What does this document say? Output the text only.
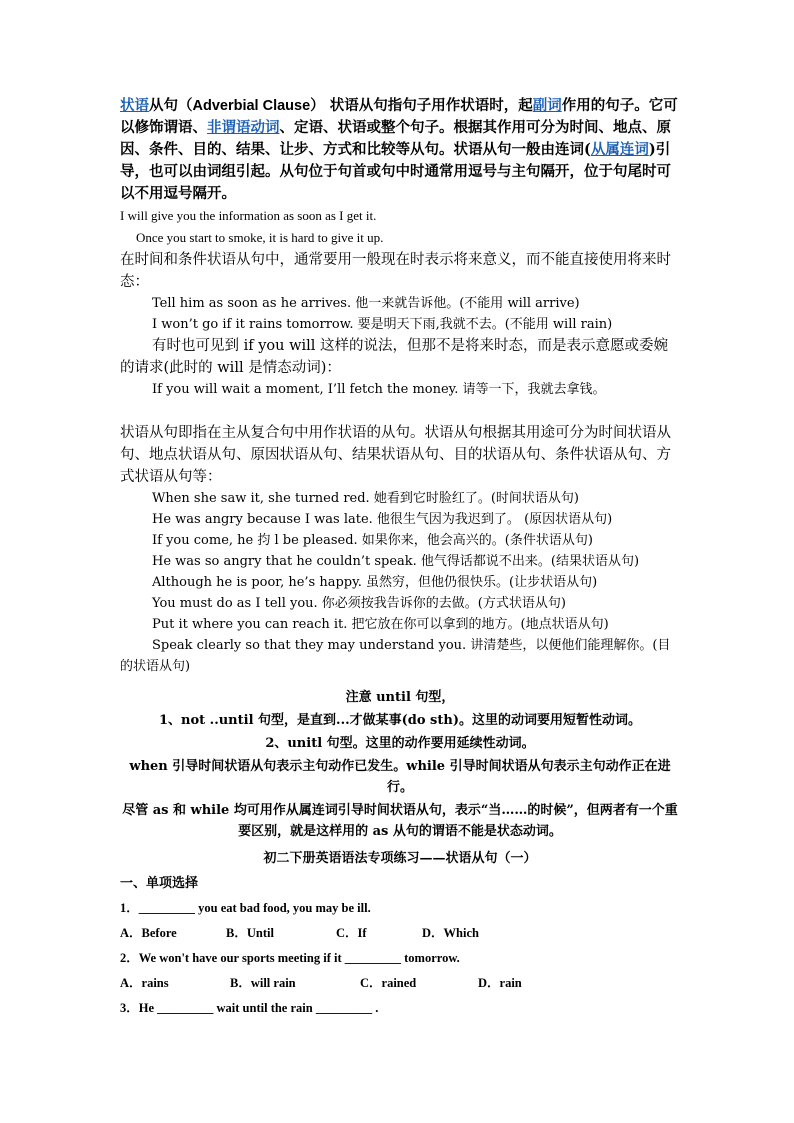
状语从句（Adverbial Clause） 状语从句指句子用作状语时，起副词作用的句子。它可以修饰谓语、非谓语动词、定语、状语或整个句子。根据其作用可分为时间、地点、原因、条件、目的、结果、让步、方式和比较等从句。状语从句一般由连词(从属连词)引导，也可以由词组引起。从句位于句首或句中时通常用逗号与主句隔开，位于句尾时可以不用逗号隔开。

I will give you the information as soon as I get it.

Once you start to smoke, it is hard to give it up.

在时间和条件状语从句中，通常要用一般现在时表示将来意义，而不能直接使用将来时态：

Tell him as soon as he arrives. 他一来就告诉他。(不能用 will arrive)

I won’t go if it rains tomorrow. 要是明天下雨,我就不去。(不能用 will rain)

有时也可见到 if you will 这样的说法，但那不是将来时态，而是表示意愿或委婉的请求(此时的 will 是情态动词)：

If you will wait a moment, I’ll fetch the money. 请等一下，我就去拿钱。

状语从句即指在主从复合句中用作状语的从句。状语从句根据其用途可分为时间状语从句、地点状语从句、原因状语从句、结果状语从句、目的状语从句、条件状语从句、方式状语从句等：

When she saw it, she turned red. 她看到它时脸红了。(时间状语从句)

He was angry because I was late. 他很生气因为我迟到了。 (原因状语从句)

If you come, he 抣 l be pleased. 如果你来，他会高兴的。(条件状语从句)

He was so angry that he couldn’t speak. 他气得话都说不出来。(结果状语从句)

Although he is poor, he’s happy. 虽然穷，但他仍很快乐。(让步状语从句)

You must do as I tell you. 你必须按我告诉你的去做。(方式状语从句)

Put it where you can reach it. 把它放在你可以拿到的地方。(地点状语从句)

Speak clearly so that they may understand you. 讲清楚些，以便他们能理解你。(目的状语从句)

注意 until 句型，

1、not ..until 句型，是直到...才做某事(do sth)。这里的动词要用短暂性动词。

2、unitl 句型。这里的动作要用延续性动词。

when 引导时间状语从句表示主句动作已发生。while 引导时间状语从句表示主句动作正在进行。

尽管 as 和 while 均可用作从属连词引导时间状语从句，表示“当……的时候”，但两者有一个重要区别，就是这样用的 as 从句的谓语不能是状态动词。

初二下册英语语法专项练习——状语从句（一）

一、单项选择

1．_________ you eat bad food, you may be ill.

A．Before	B．Until	C．If	D．Which

2．We won't have our sports meeting if it _________ tomorrow.

A．rains	B．will rain	C．rained	D．rain

3．He _________ wait until the rain _________ .
